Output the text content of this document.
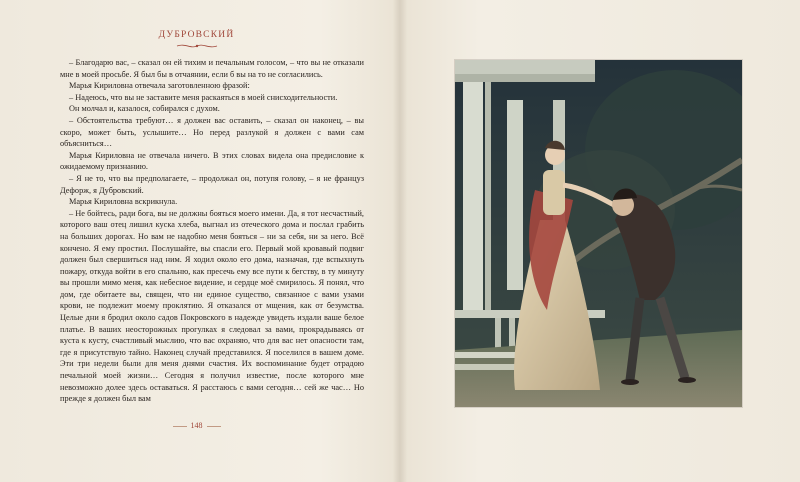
ДУБРОВСКИЙ

– Благодарю вас, – сказал он ей тихим и печальным голосом, – что вы не отказали мне в моей просьбе. Я был бы в отчаянии, если б вы на то не согласились.

Марья Кириловна отвечала заготовленною фразой:

– Надеюсь, что вы не заставите меня раскаяться в моей снисходительности.

Он молчал и, казалося, собирался с духом.

– Обстоятельства требуют… я должен вас оставить, – сказал он наконец, – вы скоро, может быть, услышите… Но перед разлукой я должен с вами сам объясниться…

Марья Кириловна не отвечала ничего. В этих словах видела она предисловие к ожидаемому признанию.

– Я не то, что вы предполагаете, – продолжал он, потупя голову, – я не француз Дефорж, я Дубровский.

Марья Кириловна вскрикнула.

– Не бойтесь, ради бога, вы не должны бояться моего имени. Да, я тот несчастный, которого ваш отец лишил куска хлеба, выгнал из отеческого дома и послал грабить на больших дорогах. Но вам не надобно меня бояться – ни за себя, ни за него. Всё кончено. Я ему простил. Послушайте, вы спасли его. Первый мой кровавый подвиг должен был свершиться над ним. Я ходил около его дома, назначая, где вспыхнуть пожару, откуда войти в его спальню, как пресечь ему все пути к бегству, в ту минуту вы прошли мимо меня, как небесное видение, и сердце моё смирилось. Я понял, что дом, где обитаете вы, священ, что ни единое существо, связанное с вами узами крови, не подлежит моему проклятию. Я отказался от мщения, как от безумства. Целые дни я бродил около садов Покровского в надежде увидеть издали ваше белое платье. В ваших неосторожных прогулках я следовал за вами, прокрадываясь от куста к кусту, счастливый мыслию, что вас охраняю, что для вас нет опасности там, где я присутствую тайно. Наконец случай представился. Я поселился в вашем доме. Эти три недели были для меня днями счастия. Их воспоминание будет отрадою печальной моей жизни… Сегодня я получил известие, после которого мне невозможно долее здесь оставаться. Я расстаюсь с вами сегодня… сей же час… Но прежде я должен был вам

148
